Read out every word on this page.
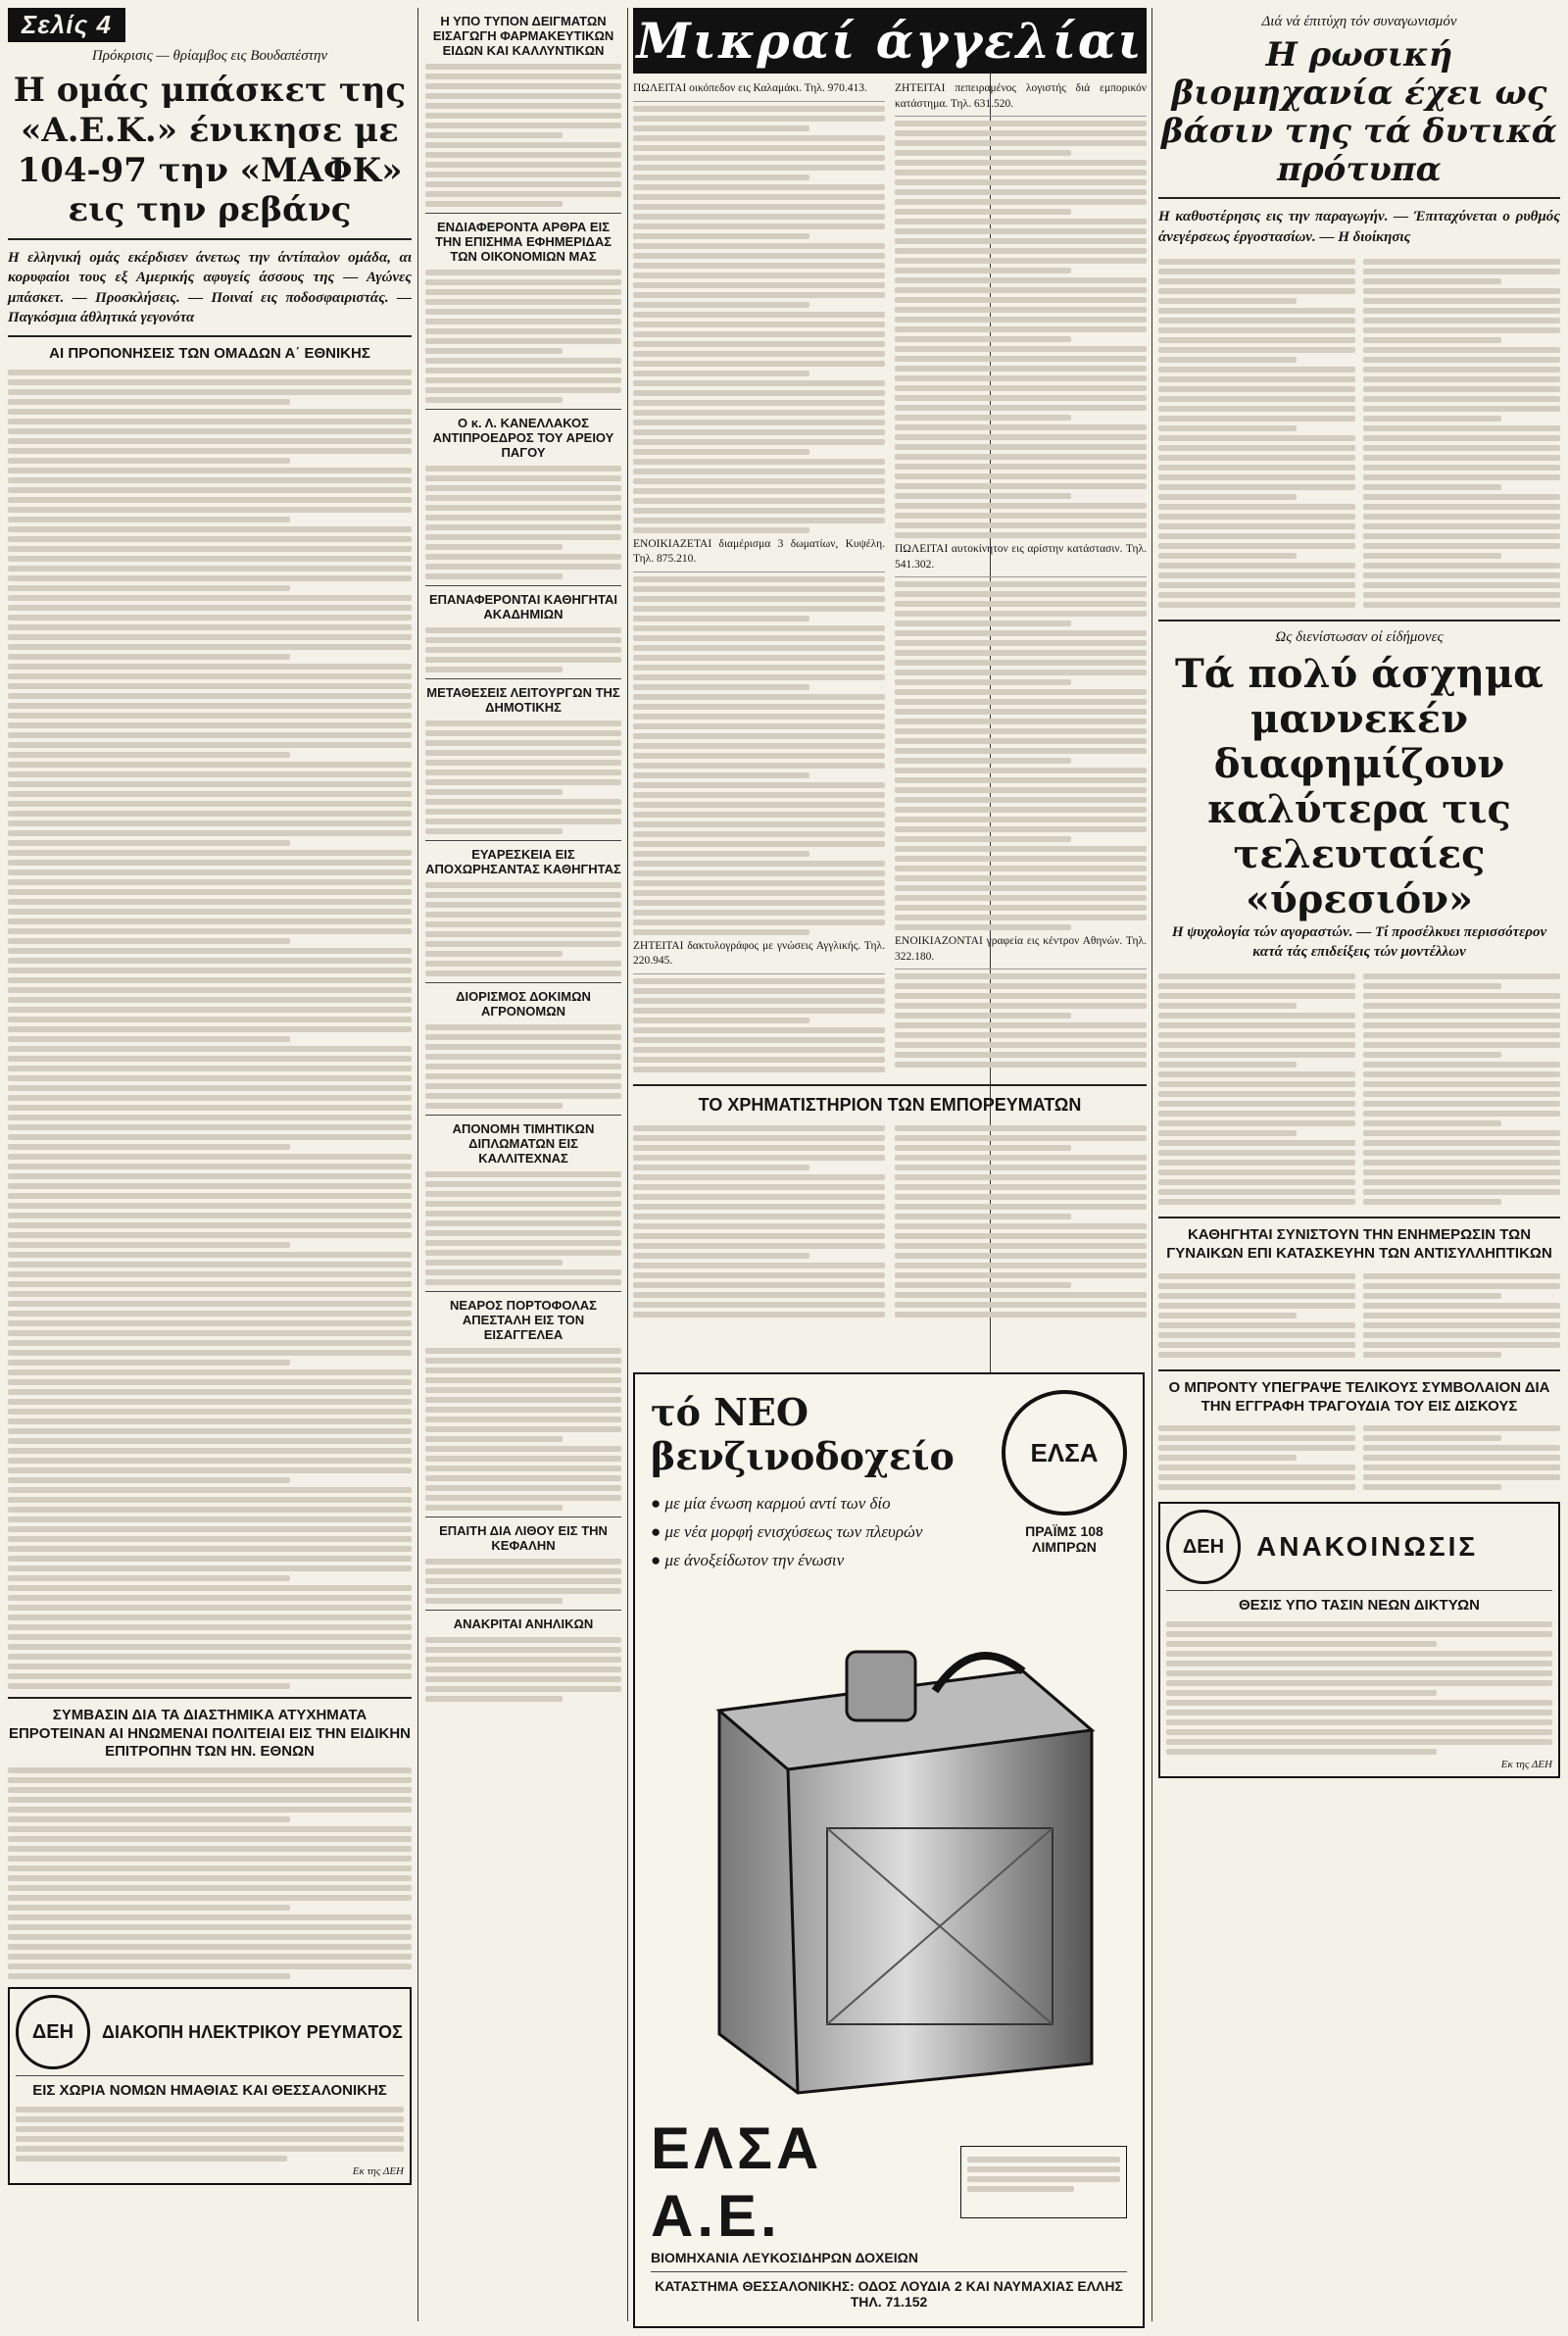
Σελίς 4
Πρόκρισις — θρίαμβος εις Βουδαπέστην
Η ομάς μπάσκετ της «Α.Ε.Κ.» ένικησε με 104-97 την «ΜΑΦΚ» εις την ρεβάνς
Η ελληνική ομάς εκέρδισεν άνετως την άντίπαλον ομάδα, αι κορυφαίοι τους εξ Αμερικής αφυγείς άσσους της — Αγώνες μπάσκετ. — Προσκλήσεις. — Ποιναί εις ποδοσφαιριστάς. — Παγκόσμια άθλητικά γεγονότα
ΑΙ ΠΡΟΠΟΝΗΣΕΙΣ ΤΩΝ ΟΜΑΔΩΝ Α΄ ΕΘΝΙΚΗΣ
ΣΥΜΒΑΣΙΝ ΔΙΑ ΤΑ ΔΙΑΣΤΗΜΙΚΑ ΑΤΥΧΗΜΑΤΑ ΕΠΡΟΤΕΙΝΑΝ ΑΙ ΗΝΩΜΕΝΑΙ ΠΟΛΙΤΕΙΑΙ ΕΙΣ ΤΗΝ ΕΙΔΙΚΗΝ ΕΠΙΤΡΟΠΗΝ ΤΩΝ ΗΝ. ΕΘΝΩΝ
ΔΕΗ	ΔΙΑΚΟΠΗ ΗΛΕΚΤΡΙΚΟΥ ΡΕΥΜΑΤΟΣ
ΕΙΣ ΧΩΡΙΑ ΝΟΜΩΝ ΗΜΑΘΙΑΣ ΚΑΙ ΘΕΣΣΑΛΟΝΙΚΗΣ
Εκ της ΔΕΗ
Η ΥΠΟ ΤΥΠΟΝ ΔΕΙΓΜΑΤΩΝ ΕΙΣΑΓΩΓΗ ΦΑΡΜΑΚΕΥΤΙΚΩΝ ΕΙΔΩΝ ΚΑΙ ΚΑΛΛΥΝΤΙΚΩΝ
ΕΝΔΙΑΦΕΡΟΝΤΑ ΑΡΘΡΑ ΕΙΣ ΤΗΝ ΕΠΙΣΗΜΑ ΕΦΗΜΕΡΙΔΑΣ ΤΩΝ ΟΙΚΟΝΟΜΙΩΝ ΜΑΣ
Ο κ. Λ. ΚΑΝΕΛΛΑΚΟΣ ΑΝΤΙΠΡΟΕΔΡΟΣ ΤΟΥ ΑΡΕΙΟΥ ΠΑΓΟΥ
ΕΠΑΝΑΦΕΡΟΝΤΑΙ ΚΑΘΗΓΗΤΑΙ ΑΚΑΔΗΜΙΩΝ
ΜΕΤΑΘΕΣΕΙΣ ΛΕΙΤΟΥΡΓΩΝ ΤΗΣ ΔΗΜΟΤΙΚΗΣ
ΕΥΑΡΕΣΚΕΙΑ ΕΙΣ ΑΠΟΧΩΡΗΣΑΝΤΑΣ ΚΑΘΗΓΗΤΑΣ
ΔΙΟΡΙΣΜΟΣ ΔΟΚΙΜΩΝ ΑΓΡΟΝΟΜΩΝ
ΑΠΟΝΟΜΗ ΤΙΜΗΤΙΚΩΝ ΔΙΠΛΩΜΑΤΩΝ ΕΙΣ ΚΑΛΛΙΤΕΧΝΑΣ
ΝΕΑΡΟΣ ΠΟΡΤΟΦΟΛΑΣ ΑΠΕΣΤΑΛΗ ΕΙΣ ΤΟΝ ΕΙΣΑΓΓΕΛΕΑ
ΕΠΑΙΤΗ ΔΙΑ ΛΙΘΟΥ ΕΙΣ ΤΗΝ ΚΕΦΑΛΗΝ
ΑΝΑΚΡΙΤΑΙ ΑΝΗΛΙΚΩΝ
Μικραί άγγελίαι
ΠΩΛΕΙΤΑΙ οικόπεδον εις Καλαμάκι. Τηλ. 970.413.
ΕΝΟΙΚΙΑΖΕΤΑΙ διαμέρισμα 3 δωματίων, Κυψέλη. Τηλ. 875.210.
ΖΗΤΕΙΤΑΙ δακτυλογράφος με γνώσεις Αγγλικής. Τηλ. 220.945.
ΖΗΤΕΙΤΑΙ πεπειραμένος λογιστής διά εμπορικόν κατάστημα. Τηλ. 631.520.
ΠΩΛΕΙΤΑΙ αυτοκίνητον εις αρίστην κατάστασιν. Τηλ. 541.302.
ΕΝΟΙΚΙΑΖΟΝΤΑΙ γραφεία εις κέντρον Αθηνών. Τηλ. 322.180.
ΤΟ ΧΡΗΜΑΤΙΣΤΗΡΙΟΝ ΤΩΝ ΕΜΠΟΡΕΥΜΑΤΩΝ
τό ΝΕΟ βενζινοδοχείο
● με μία ένωση καρμού αντί των δίο
● με νέα μορφή ενισχύσεως των πλευρών
● με άνοξείδωτον την ένωσιν
ΕΛΣΑ
ΠΡΑΪΜΣ 108 ΛΙΜΠΡΩΝ
ΕΛΣΑ Α.Ε.
ΒΙΟΜΗΧΑΝΙΑ ΛΕΥΚΟΣΙΔΗΡΩΝ ΔΟΧΕΙΩΝ
ΚΑΤΑΣΤΗΜΑ ΘΕΣΣΑΛΟΝΙΚΗΣ: ΟΔΟΣ ΛΟΥΔΙΑ 2 ΚΑΙ ΝΑΥΜΑΧΙΑΣ ΕΛΛΗΣ ΤΗΛ. 71.152
Διά νά έπιτύχη τόν συναγωνισμόν
Η ρωσική βιομηχανία έχει ως βάσιν της τά δυτικά πρότυπα
Η καθυστέρησις εις την παραγωγήν. — Έπιταχύνεται ο ρυθμός άνεγέρσεως έργοστασίων. — Η διοίκησις
Ως διενίστωσαν οί είδήμονες
Τά πολύ άσχημα μαννεκέν διαφημίζουν καλύτερα τις τελευταίες «ύρεσιόν»
Η ψυχολογία τών αγοραστών. — Τί προσέλκυει περισσότερον κατά τάς επιδείξεις τών μοντέλλων
ΚΑΘΗΓΗΤΑΙ ΣΥΝΙΣΤΟΥΝ ΤΗΝ ΕΝΗΜΕΡΩΣΙΝ ΤΩΝ ΓΥΝΑΙΚΩΝ ΕΠΙ ΚΑΤΑΣΚΕΥΗΝ ΤΩΝ ΑΝΤΙΣΥΛΛΗΠΤΙΚΩΝ
Ο ΜΠΡΟΝΤΥ ΥΠΕΓΡΑΨΕ ΤΕΛΙΚΟΥΣ ΣΥΜΒΟΛΑΙΟΝ ΔΙΑ ΤΗΝ ΕΓΓΡΑΦΗ ΤΡΑΓΟΥΔΙΑ ΤΟΥ ΕΙΣ ΔΙΣΚΟΥΣ
ΔΕΗ	ΑΝΑΚΟΙΝΩΣΙΣ
ΘΕΣΙΣ ΥΠΟ ΤΑΣΙΝ ΝΕΩΝ ΔΙΚΤΥΩΝ
Εκ της ΔΕΗ
